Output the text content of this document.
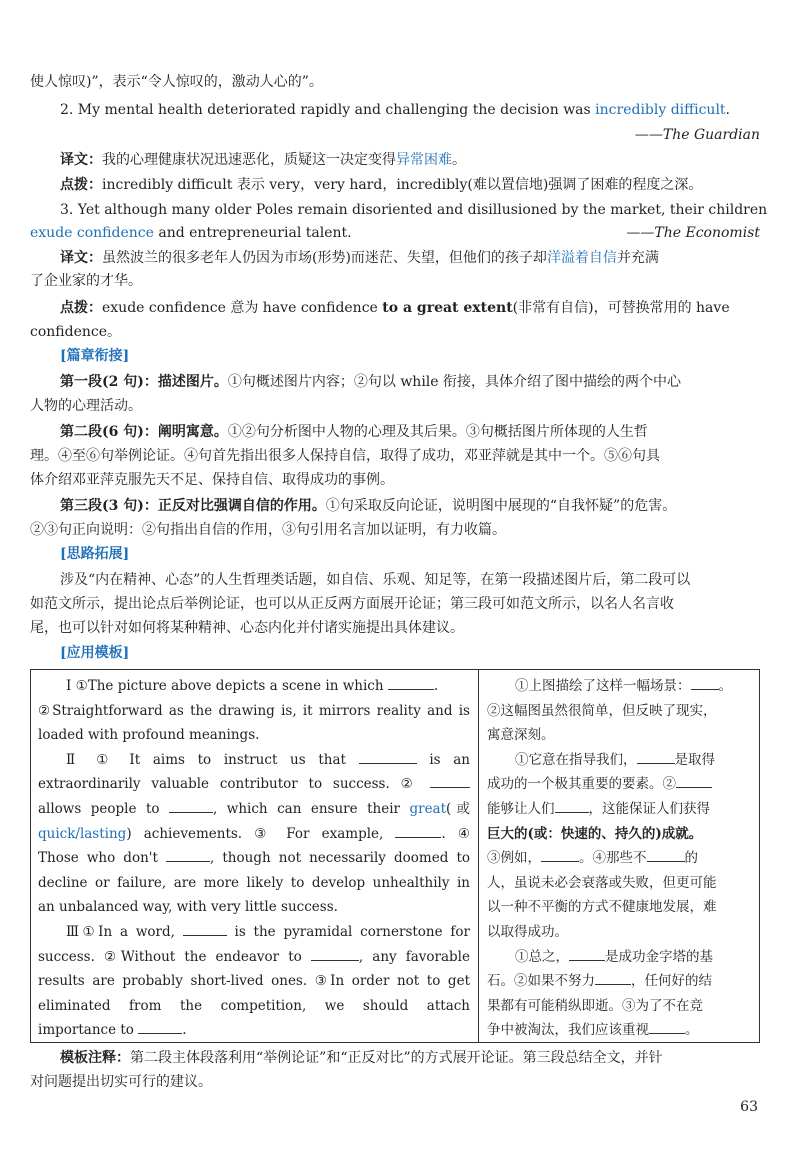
使人惊叹)”，表示“令人惊叹的，激动人心的”。
2. My mental health deteriorated rapidly and challenging the decision was incredibly difficult.
——The Guardian
译文：我的心理健康状况迅速恶化，质疑这一决定变得异常困难。
点拨：incredibly difficult 表示 very，very hard，incredibly(难以置信地)强调了困难的程度之深。
3. Yet although many older Poles remain disoriented and disillusioned by the market, their children
exude confidence and entrepreneurial talent.	——The Economist
译文：虽然波兰的很多老年人仍因为市场(形势)而迷茫、失望，但他们的孩子却洋溢着自信并充满
了企业家的才华。
点拨：exude confidence 意为 have confidence to a great extent(非常有自信)，可替换常用的 have
confidence。
[篇章衔接]
第一段(2 句)：描述图片。①句概述图片内容；②句以 while 衔接，具体介绍了图中描绘的两个中心
人物的心理活动。
第二段(6 句)：阐明寓意。①②句分析图中人物的心理及其后果。③句概括图片所体现的人生哲
理。④至⑥句举例论证。④句首先指出很多人保持自信，取得了成功，邓亚萍就是其中一个。⑤⑥句具
体介绍邓亚萍克服先天不足、保持自信、取得成功的事例。
第三段(3 句)：正反对比强调自信的作用。①句采取反向论证，说明图中展现的“自我怀疑”的危害。
②③句正向说明：②句指出自信的作用，③句引用名言加以证明，有力收篇。
[思路拓展]
涉及“内在精神、心态”的人生哲理类话题，如自信、乐观、知足等，在第一段描述图片后，第二段可以
如范文所示，提出论点后举例论证，也可以从正反两方面展开论证；第三段可如范文所示，以名人名言收
尾，也可以针对如何将某种精神、心态内化并付诸实施提出具体建议。
[应用模板]
Ⅰ ①The picture above depicts a scene in which	.
②Straightforward as the drawing is, it mirrors reality and is
loaded with profound meanings.
Ⅱ ① It aims to instruct us that	is an
extraordinarily valuable contributor to success. ②
allows people to	, which can ensure their great(或
quick/lasting) achievements. ③ For example,	. ④
Those who don't	, though not necessarily doomed to
decline or failure, are more likely to develop unhealthily in
an unbalanced way, with very little success.
Ⅲ①In a word,	is the pyramidal cornerstone for
success. ②Without the endeavor to	, any favorable
results are probably short-lived ones. ③In order not to get
eliminated from the competition, we should attach
importance to	.
①上图描绘了这样一幅场景： 。
②这幅图虽然很简单，但反映了现实，
寓意深刻。
①它意在指导我们，	是取得
成功的一个极其重要的要素。②
能够让人们	，这能保证人们获得
巨大的(或：快速的、持久的)成就。
③例如，	。④那些不	的
人，虽说未必会衰落或失败，但更可能
以一种不平衡的方式不健康地发展，难
以取得成功。
①总之，	是成功金字塔的基
石。②如果不努力	，任何好的结
果都有可能稍纵即逝。③为了不在竞
争中被淘汰，我们应该重视	。
模板注释：第二段主体段落利用“举例论证”和“正反对比”的方式展开论证。第三段总结全文，并针
对问题提出切实可行的建议。
63
